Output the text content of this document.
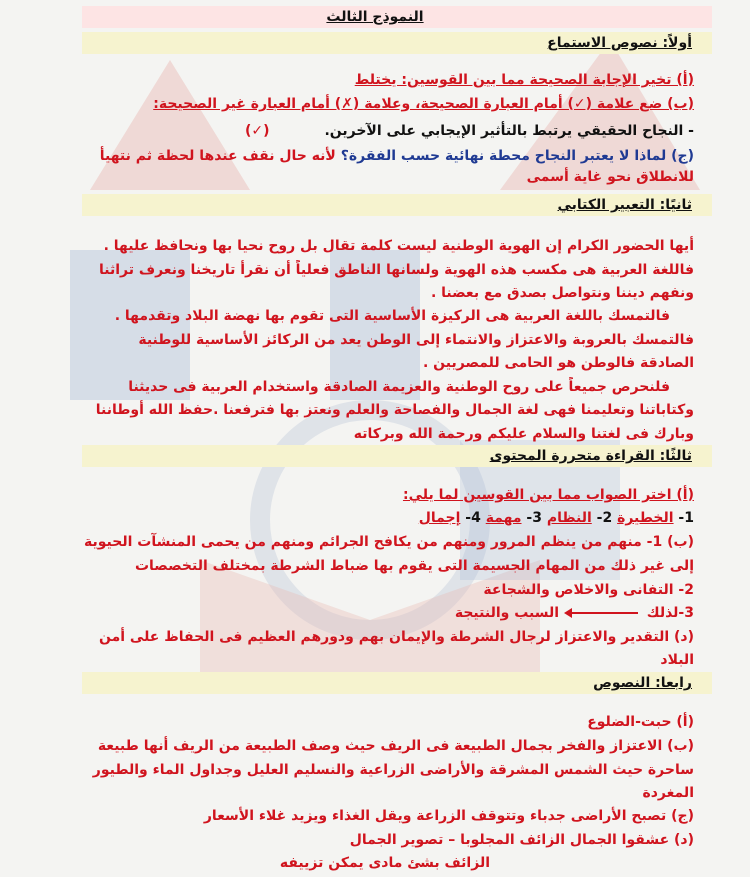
النموذج الثالث
أولاً: نصوص الاستماع
(أ) تخير الإجابة الصحيحة مما بين القوسين: يختلط
(ب) ضع علامة (✓) أمام العبارة الصحيحة، وعلامة (✗) أمام العبارة غير الصحيحة:
- النجاح الحقيقي يرتبط بالتأثير الإيجابي على الآخرين.
(✓)
(ج) لماذا لا يعتبر النجاح محطة نهائية حسب الفقرة؟ لأنه حال نقف عندها لحظة ثم نتهيأ
للانطلاق نحو غاية أسمى
ثانيًا: التعبير الكتابي
أيها الحضور الكرام إن الهوية الوطنية ليست كلمة تقال بل روح نحيا بها ونحافظ عليها .
فاللغة العربية هى مكسب هذه الهوية ولسانها الناطق فعلياً أن نقرأ تاريخنا ونعرف تراثنا
ونفهم ديننا ونتواصل بصدق مع بعضنا .
فالتمسك باللغة العربية هى الركيزة الأساسية التى تقوم بها نهضة البلاد وتقدمها .
فالتمسك بالعروبة والاعتزاز والانتماء إلى الوطن يعد من الركائز الأساسية للوطنية
الصادقة فالوطن هو الحامى للمصريين .
فلنحرص جميعاً على روح الوطنية والعزيمة الصادقة واستخدام العربية فى حديثنا
وكتاباتنا وتعليمنا فهى لغة الجمال والفصاحة والعلم ونعتز بها فترفعنا .حفظ الله أوطاننا
وبارك فى لغتنا والسلام عليكم ورحمة الله وبركاته
ثالثًا: القراءة متحررة المحتوى
(أ) اختر الصواب مما بين القوسين لما يلي:
1- الخطيرة 2- النظام 3- مهمة 4- إجمال
(ب) 1- منهم من ينظم المرور ومنهم من يكافح الجرائم ومنهم من يحمى المنشآت الحيوية
إلى غير ذلك من المهام الجسيمة التى يقوم بها ضباط الشرطة بمختلف التخصصات
2- التفانى والاخلاص والشجاعة
3-لذلك
السبب والنتيجة
(د) التقدير والاعتزاز لرجال الشرطة والإيمان بهم ودورهم العظيم فى الحفاظ على أمن
البلاد
رابعا: النصوص
(أ) حبت-الضلوع
(ب) الاعتزاز والفخر بجمال الطبيعة فى الريف حيث وصف الطبيعة من الريف أنها طبيعة
ساحرة حيث الشمس المشرقة والأراضى الزراعية والنسليم العليل وجداول الماء والطيور
المغردة
(ج) تصبح الأراضى جدباء وتتوقف الزراعة ويقل الغذاء ويزيد غلاء الأسعار
(د) عشقوا الجمال الزائف المجلوبا – تصوير الجمال
الزائف بشئ مادى يمكن تزييفه
